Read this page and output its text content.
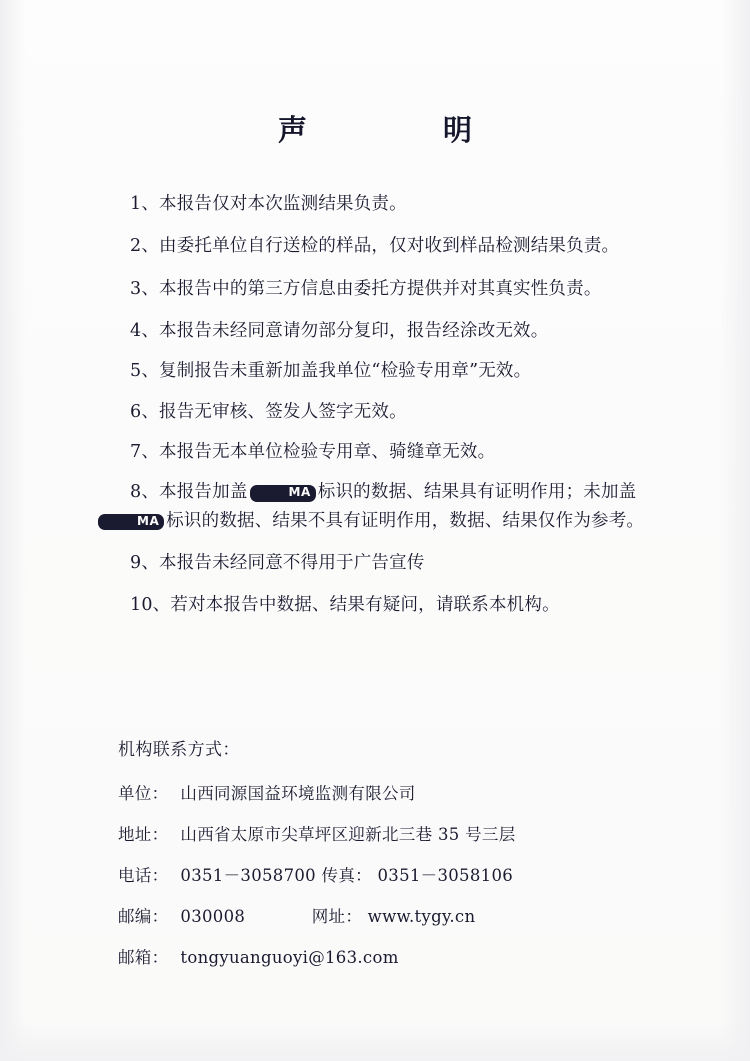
声　　明
1、本报告仅对本次监测结果负责。
2、由委托单位自行送检的样品，仅对收到样品检测结果负责。
3、本报告中的第三方信息由委托方提供并对其真实性负责。
4、本报告未经同意请勿部分复印，报告经涂改无效。
5、复制报告未重新加盖我单位“检验专用章”无效。
6、报告无审核、签发人签字无效。
7、本报告无本单位检验专用章、骑缝章无效。
8、本报告加盖	MA 标识的数据、结果具有证明作用；未加盖MA 标识的数据、结果不具有证明作用，数据、结果仅作为参考。
9、本报告未经同意不得用于广告宣传
10、若对本报告中数据、结果有疑问，请联系本机构。
机构联系方式：
单位： 山西同源国益环境监测有限公司
地址： 山西省太原市尖草坪区迎新北三巷 35 号三层
电话： 0351－3058700 传真： 0351－3058106
邮编： 030008            网址： www.tygy.cn
邮箱： tongyuanguoyi@163.com
